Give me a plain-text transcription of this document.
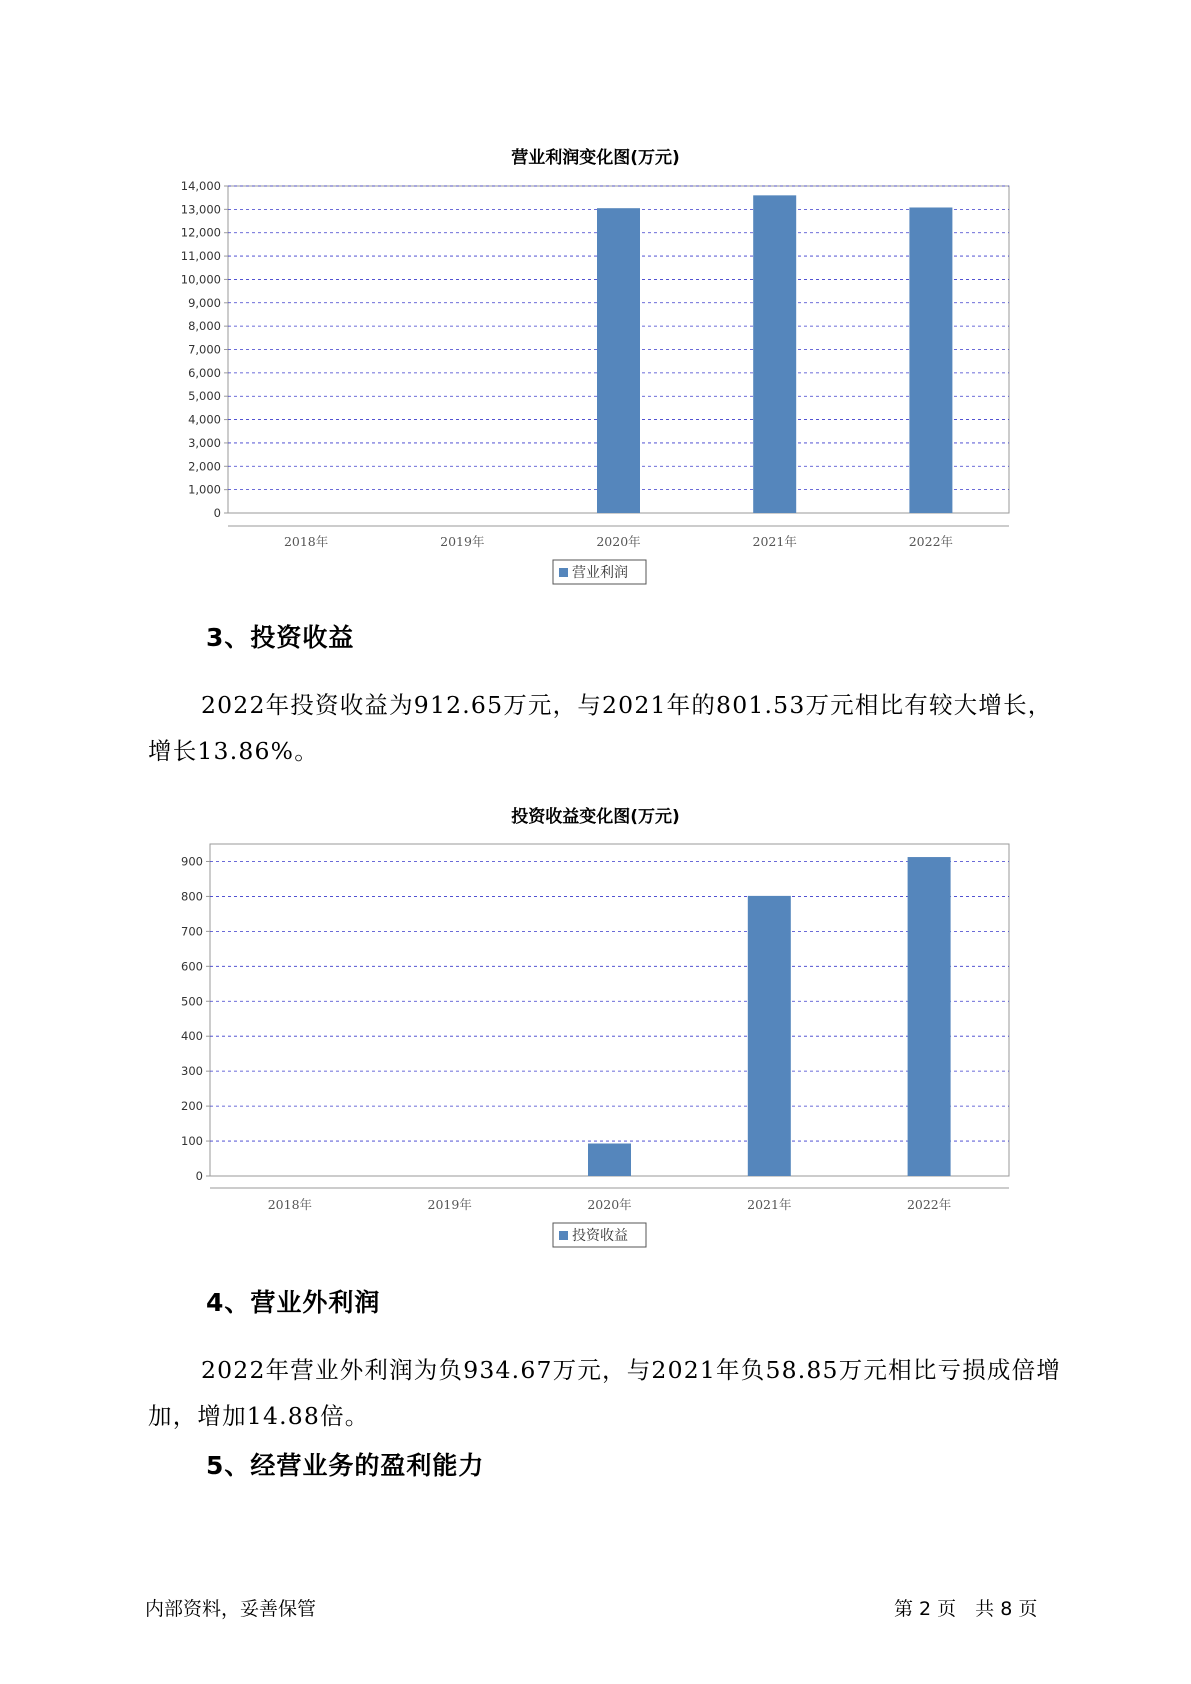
营业利润变化图(万元)
0
1,000
2,000
3,000
4,000
5,000
6,000
7,000
8,000
9,000
10,000
11,000
12,000
13,000
14,000
2018年	2019年	2020年	2021年	2022年
营业利润
3、投资收益
2022年投资收益为912.65万元，与2021年的801.53万元相比有较大增长，增长13.86%。
投资收益变化图(万元)
0
100
200
300
400
500
600
700
800
900
2018年	2019年	2020年	2021年	2022年
投资收益
4、营业外利润
2022年营业外利润为负934.67万元，与2021年负58.85万元相比亏损成倍增加，增加14.88倍。
5、经营业务的盈利能力
内部资料，妥善保管	第 2 页　共 8 页
